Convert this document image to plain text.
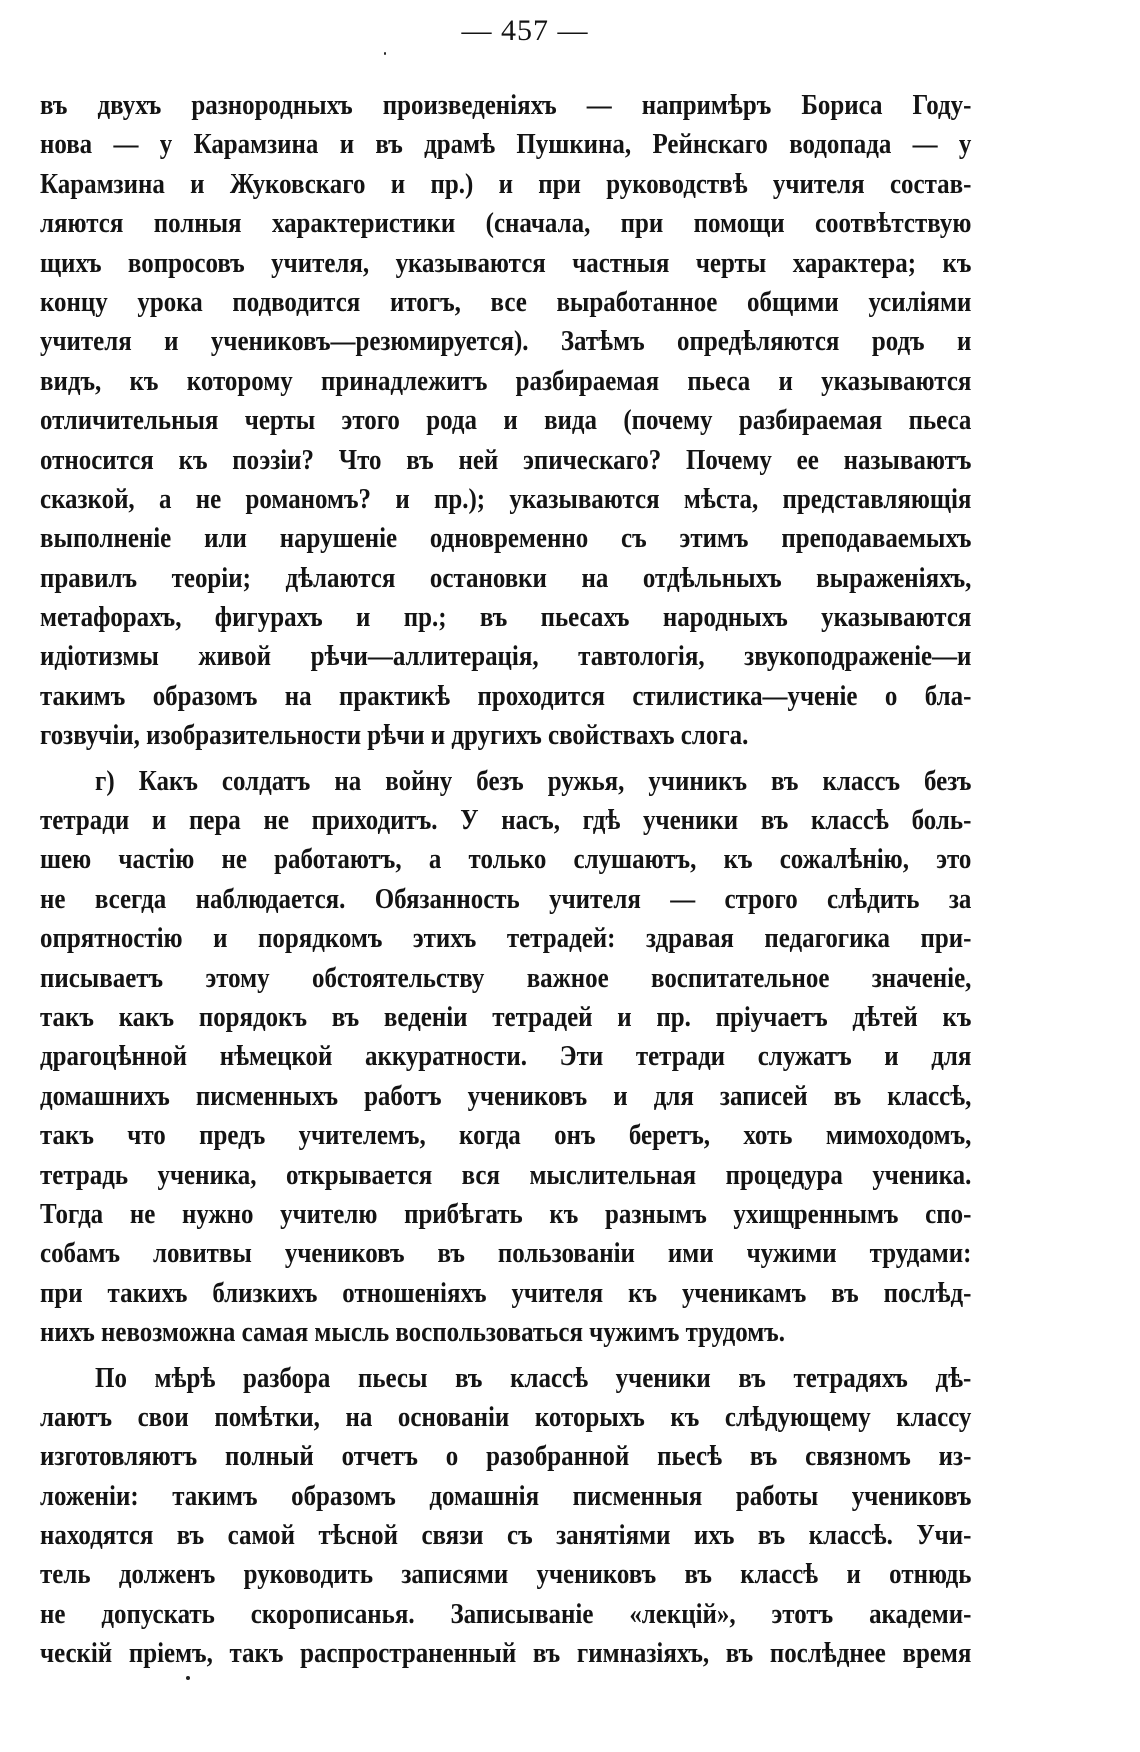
— 457 —
въ двухъ разнородныхъ произведеніяхъ — напримѣръ Бориса Году-
нова — у Карамзина и въ драмѣ Пушкина, Рейнскаго водопада — у
Карамзина и Жуковскаго и пр.) и при руководствѣ учителя состав-
ляются полныя характеристики (сначала, при помощи соотвѣтствую
щихъ вопросовъ учителя, указываются частныя черты характера; къ
концу урока подводится итогъ, все выработанное общими усиліями
учителя и учениковъ—резюмируется). Затѣмъ опредѣляются родъ и
видъ, къ которому принадлежитъ разбираемая пьеса и указываются
отличительныя черты этого рода и вида (почему разбираемая пьеса
относится къ поэзіи? Что въ ней эпическаго? Почему ее называютъ
сказкой, а не романомъ? и пр.); указываются мѣста, представляющія
выполненіе или нарушеніе одновременно съ этимъ преподаваемыхъ
правилъ теоріи; дѣлаются остановки на отдѣльныхъ выраженіяхъ,
метафорахъ, фигурахъ и пр.; въ пьесахъ народныхъ указываются
идіотизмы живой рѣчи—аллитерація, тавтологія, звукоподраженіе—и
такимъ образомъ на практикѣ проходится стилистика—ученіе о бла-
гозвучіи, изобразительности рѣчи и другихъ свойствахъ слога.
г) Какъ солдатъ на войну безъ ружья, учиникъ въ классъ безъ
тетради и пера не приходитъ. У насъ, гдѣ ученики въ классѣ боль-
шею частію не работаютъ, а только слушаютъ, къ сожалѣнію, это
не всегда наблюдается. Обязанность учителя — строго слѣдить за
опрятностію и порядкомъ этихъ тетрадей: здравая педагогика при-
писываетъ этому обстоятельству важное воспитательное значеніе,
такъ какъ порядокъ въ веденіи тетрадей и пр. пріучаетъ дѣтей къ
драгоцѣнной нѣмецкой аккуратности. Эти тетради служатъ и для
домашнихъ писменныхъ работъ учениковъ и для записей въ классѣ,
такъ что предъ учителемъ, когда онъ беретъ, хоть мимоходомъ,
тетрадь ученика, открывается вся мыслительная процедура ученика.
Тогда не нужно учителю прибѣгать къ разнымъ ухищреннымъ спо-
собамъ ловитвы учениковъ въ пользованіи ими чужими трудами:
при такихъ близкихъ отношеніяхъ учителя къ ученикамъ въ послѣд-
нихъ невозможна самая мысль воспользоваться чужимъ трудомъ.
По мѣрѣ разбора пьесы въ классѣ ученики въ тетрадяхъ дѣ-
лаютъ свои помѣтки, на основаніи которыхъ къ слѣдующему классу
изготовляютъ полный отчетъ о разобранной пьесѣ въ связномъ из-
ложеніи: такимъ образомъ домашнія писменныя работы учениковъ
находятся въ самой тѣсной связи съ занятіями ихъ въ классѣ. Учи-
тель долженъ руководить записями учениковъ въ классѣ и отнюдь
не допускать скорописанья. Записываніе «лекцій», этотъ академи-
ческій пріемъ, такъ распространенный въ гимназіяхъ, въ послѣднее время
